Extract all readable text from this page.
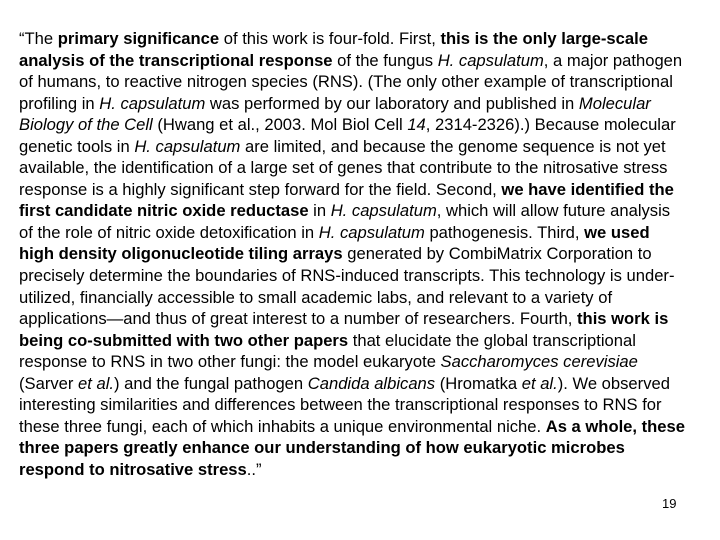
“The primary significance of this work is four-fold. First, this is the only large-scale analysis of the transcriptional response of the fungus H. capsulatum, a major pathogen of humans, to reactive nitrogen species (RNS). (The only other example of transcriptional profiling in H. capsulatum was performed by our laboratory and published in Molecular Biology of the Cell (Hwang et al., 2003. Mol Biol Cell 14, 2314-2326).) Because molecular genetic tools in H. capsulatum are limited, and because the genome sequence is not yet available, the identification of a large set of genes that contribute to the nitrosative stress response is a highly significant step forward for the field. Second, we have identified the first candidate nitric oxide reductase in H. capsulatum, which will allow future analysis of the role of nitric oxide detoxification in H. capsulatum pathogenesis. Third, we used high density oligonucleotide tiling arrays generated by CombiMatrix Corporation to precisely determine the boundaries of RNS-induced transcripts. This technology is under-utilized, financially accessible to small academic labs, and relevant to a variety of applications—and thus of great interest to a number of researchers. Fourth, this work is being co-submitted with two other papers that elucidate the global transcriptional response to RNS in two other fungi: the model eukaryote Saccharomyces cerevisiae (Sarver et al.) and the fungal pathogen Candida albicans (Hromatka et al.). We observed interesting similarities and differences between the transcriptional responses to RNS for these three fungi, each of which inhabits a unique environmental niche. As a whole, these three papers greatly enhance our understanding of how eukaryotic microbes respond to nitrosative stress..”

19
